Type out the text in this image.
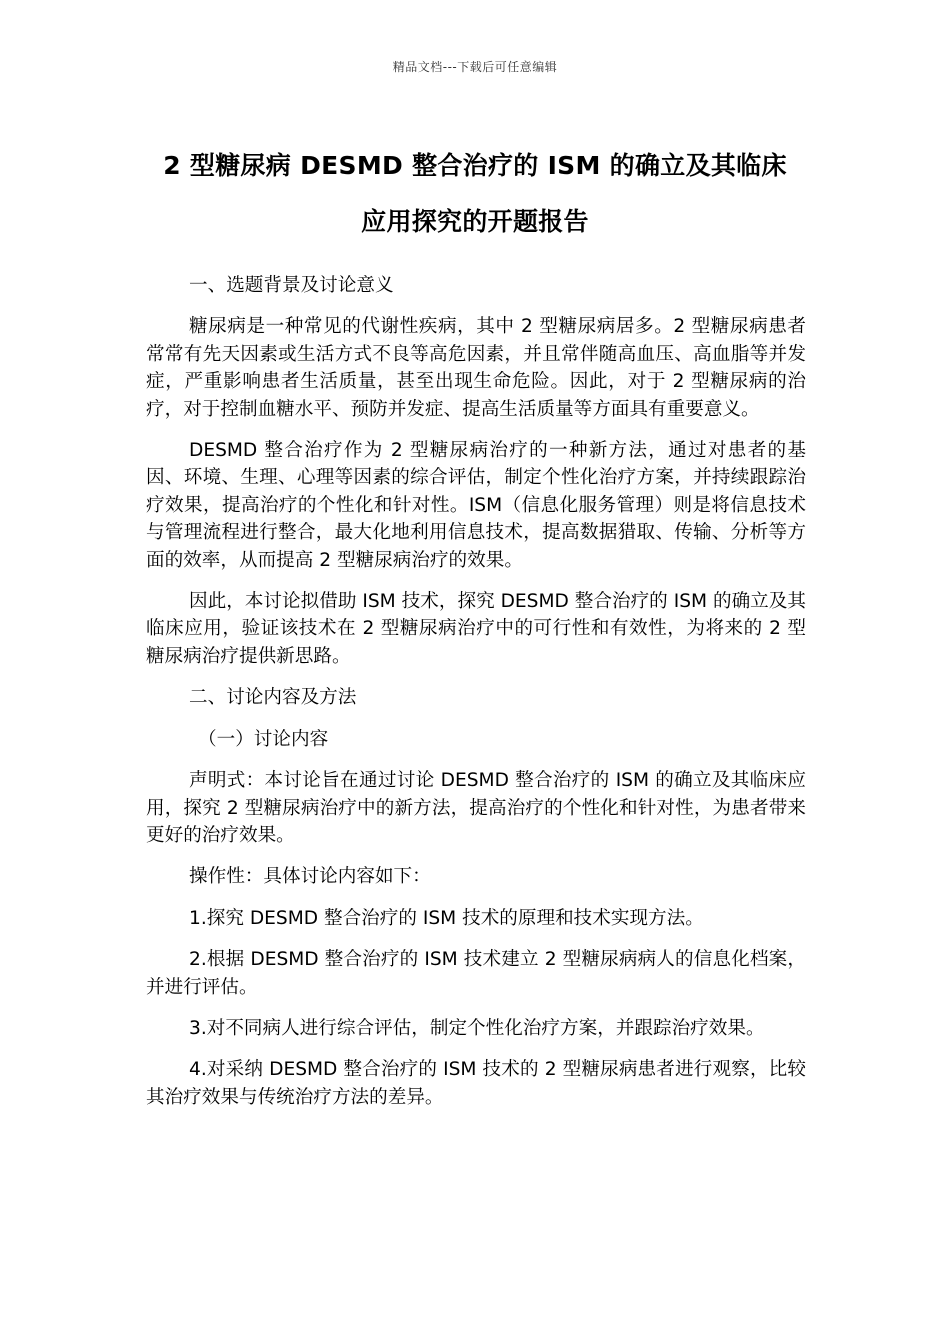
精品文档---下载后可任意编辑
2 型糖尿病 DESMD 整合治疗的 ISM 的确立及其临床
应用探究的开题报告

一、选题背景及讨论意义

糖尿病是一种常见的代谢性疾病，其中 2 型糖尿病居多。2 型糖尿病患者常常有先天因素或生活方式不良等高危因素，并且常伴随高血压、高血脂等并发症，严重影响患者生活质量，甚至出现生命危险。因此，对于 2 型糖尿病的治疗，对于控制血糖水平、预防并发症、提高生活质量等方面具有重要意义。

DESMD 整合治疗作为 2 型糖尿病治疗的一种新方法，通过对患者的基因、环境、生理、心理等因素的综合评估，制定个性化治疗方案，并持续跟踪治疗效果，提高治疗的个性化和针对性。ISM（信息化服务管理）则是将信息技术与管理流程进行整合，最大化地利用信息技术，提高数据猎取、传输、分析等方面的效率，从而提高 2 型糖尿病治疗的效果。

因此，本讨论拟借助 ISM 技术，探究 DESMD 整合治疗的 ISM 的确立及其临床应用，验证该技术在 2 型糖尿病治疗中的可行性和有效性，为将来的 2 型糖尿病治疗提供新思路。

二、讨论内容及方法

（一）讨论内容

声明式：本讨论旨在通过讨论 DESMD 整合治疗的 ISM 的确立及其临床应用，探究 2 型糖尿病治疗中的新方法，提高治疗的个性化和针对性，为患者带来更好的治疗效果。

操作性：具体讨论内容如下：

1.探究 DESMD 整合治疗的 ISM 技术的原理和技术实现方法。

2.根据 DESMD 整合治疗的 ISM 技术建立 2 型糖尿病病人的信息化档案，并进行评估。

3.对不同病人进行综合评估，制定个性化治疗方案，并跟踪治疗效果。

4.对采纳 DESMD 整合治疗的 ISM 技术的 2 型糖尿病患者进行观察，比较其治疗效果与传统治疗方法的差异。
